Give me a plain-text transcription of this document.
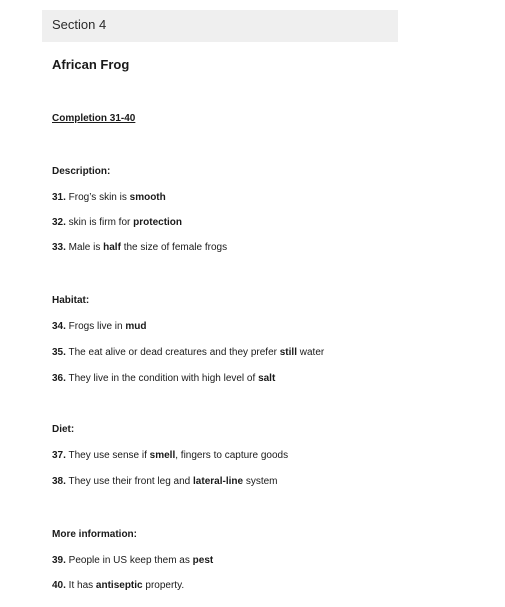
Section 4
African Frog
Completion 31-40
Description:
31. Frog’s skin is smooth
32. skin is firm for protection
33. Male is half the size of female frogs
Habitat:
34. Frogs live in mud
35. The eat alive or dead creatures and they prefer still water
36. They live in the condition with high level of salt
Diet:
37. They use sense if smell, fingers to capture goods
38. They use their front leg and lateral-line system
More information:
39. People in US keep them as pest
40. It has antiseptic property.
